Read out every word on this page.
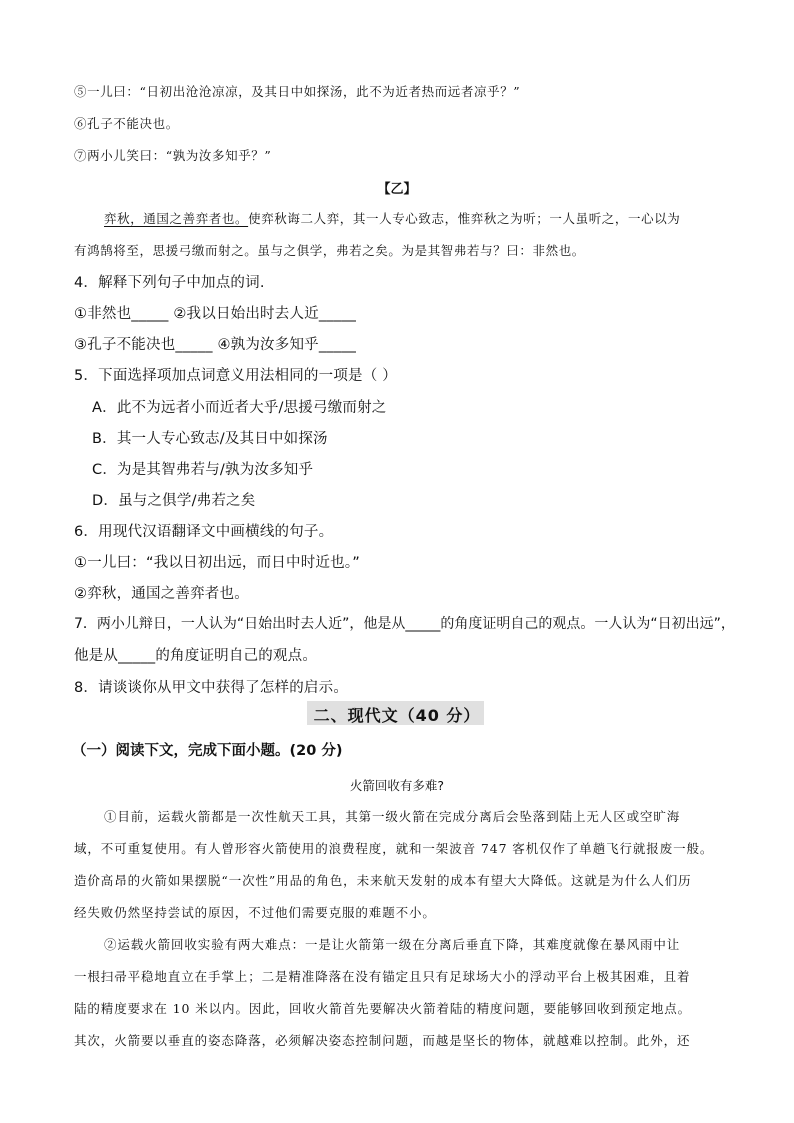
⑤一儿曰：“日初出沧沧凉凉，及其日中如探汤，此不为近者热而远者凉乎？”
⑥孔子不能决也。
⑦两小儿笑曰：“孰为汝多知乎？”
【乙】
弈秋，通国之善弈者也。使弈秋诲二人弈，其一人专心致志，惟弈秋之为听；一人虽听之，一心以为
有鸿鹄将至，思援弓缴而射之。虽与之俱学，弗若之矣。为是其智弗若与？曰：非然也。
4．解释下列句子中加点的词.
①非然也_____ ②我以日始出时去人近_____
③孔子不能决也_____ ④孰为汝多知乎_____
5．下面选择项加点词意义用法相同的一项是（ ）
A．此不为远者小而近者大乎/思援弓缴而射之
B．其一人专心致志/及其日中如探汤
C．为是其智弗若与/孰为汝多知乎
D．虽与之俱学/弗若之矣
6．用现代汉语翻译文中画横线的句子。
①一儿曰：“我以日初出远，而日中时近也。”
②弈秋，通国之善弈者也。
7．两小儿辩日，一人认为“日始出时去人近”，他是从_____的角度证明自己的观点。一人认为“日初出远”，
他是从_____的角度证明自己的观点。
8．请谈谈你从甲文中获得了怎样的启示。
二、现代文（40 分）
（一）阅读下文，完成下面小题。(20 分)
火箭回收有多难?
①目前，运载火箭都是一次性航天工具，其第一级火箭在完成分离后会坠落到陆上无人区或空旷海
域，不可重复使用。有人曾形容火箭使用的浪费程度，就和一架波音 747 客机仅作了单趟飞行就报废一般。
造价高昂的火箭如果摆脱“一次性”用品的角色，未来航天发射的成本有望大大降低。这就是为什么人们历
经失败仍然坚持尝试的原因，不过他们需要克服的难题不小。
②运载火箭回收实验有两大难点：一是让火箭第一级在分离后垂直下降，其难度就像在暴风雨中让
一根扫帚平稳地直立在手掌上；二是精准降落在没有锚定且只有足球场大小的浮动平台上极其困难，且着
陆的精度要求在 10 米以内。因此，回收火箭首先要解决火箭着陆的精度问题，要能够回收到预定地点。
其次，火箭要以垂直的姿态降落，必须解决姿态控制问题，而越是坚长的物体，就越难以控制。此外，还
